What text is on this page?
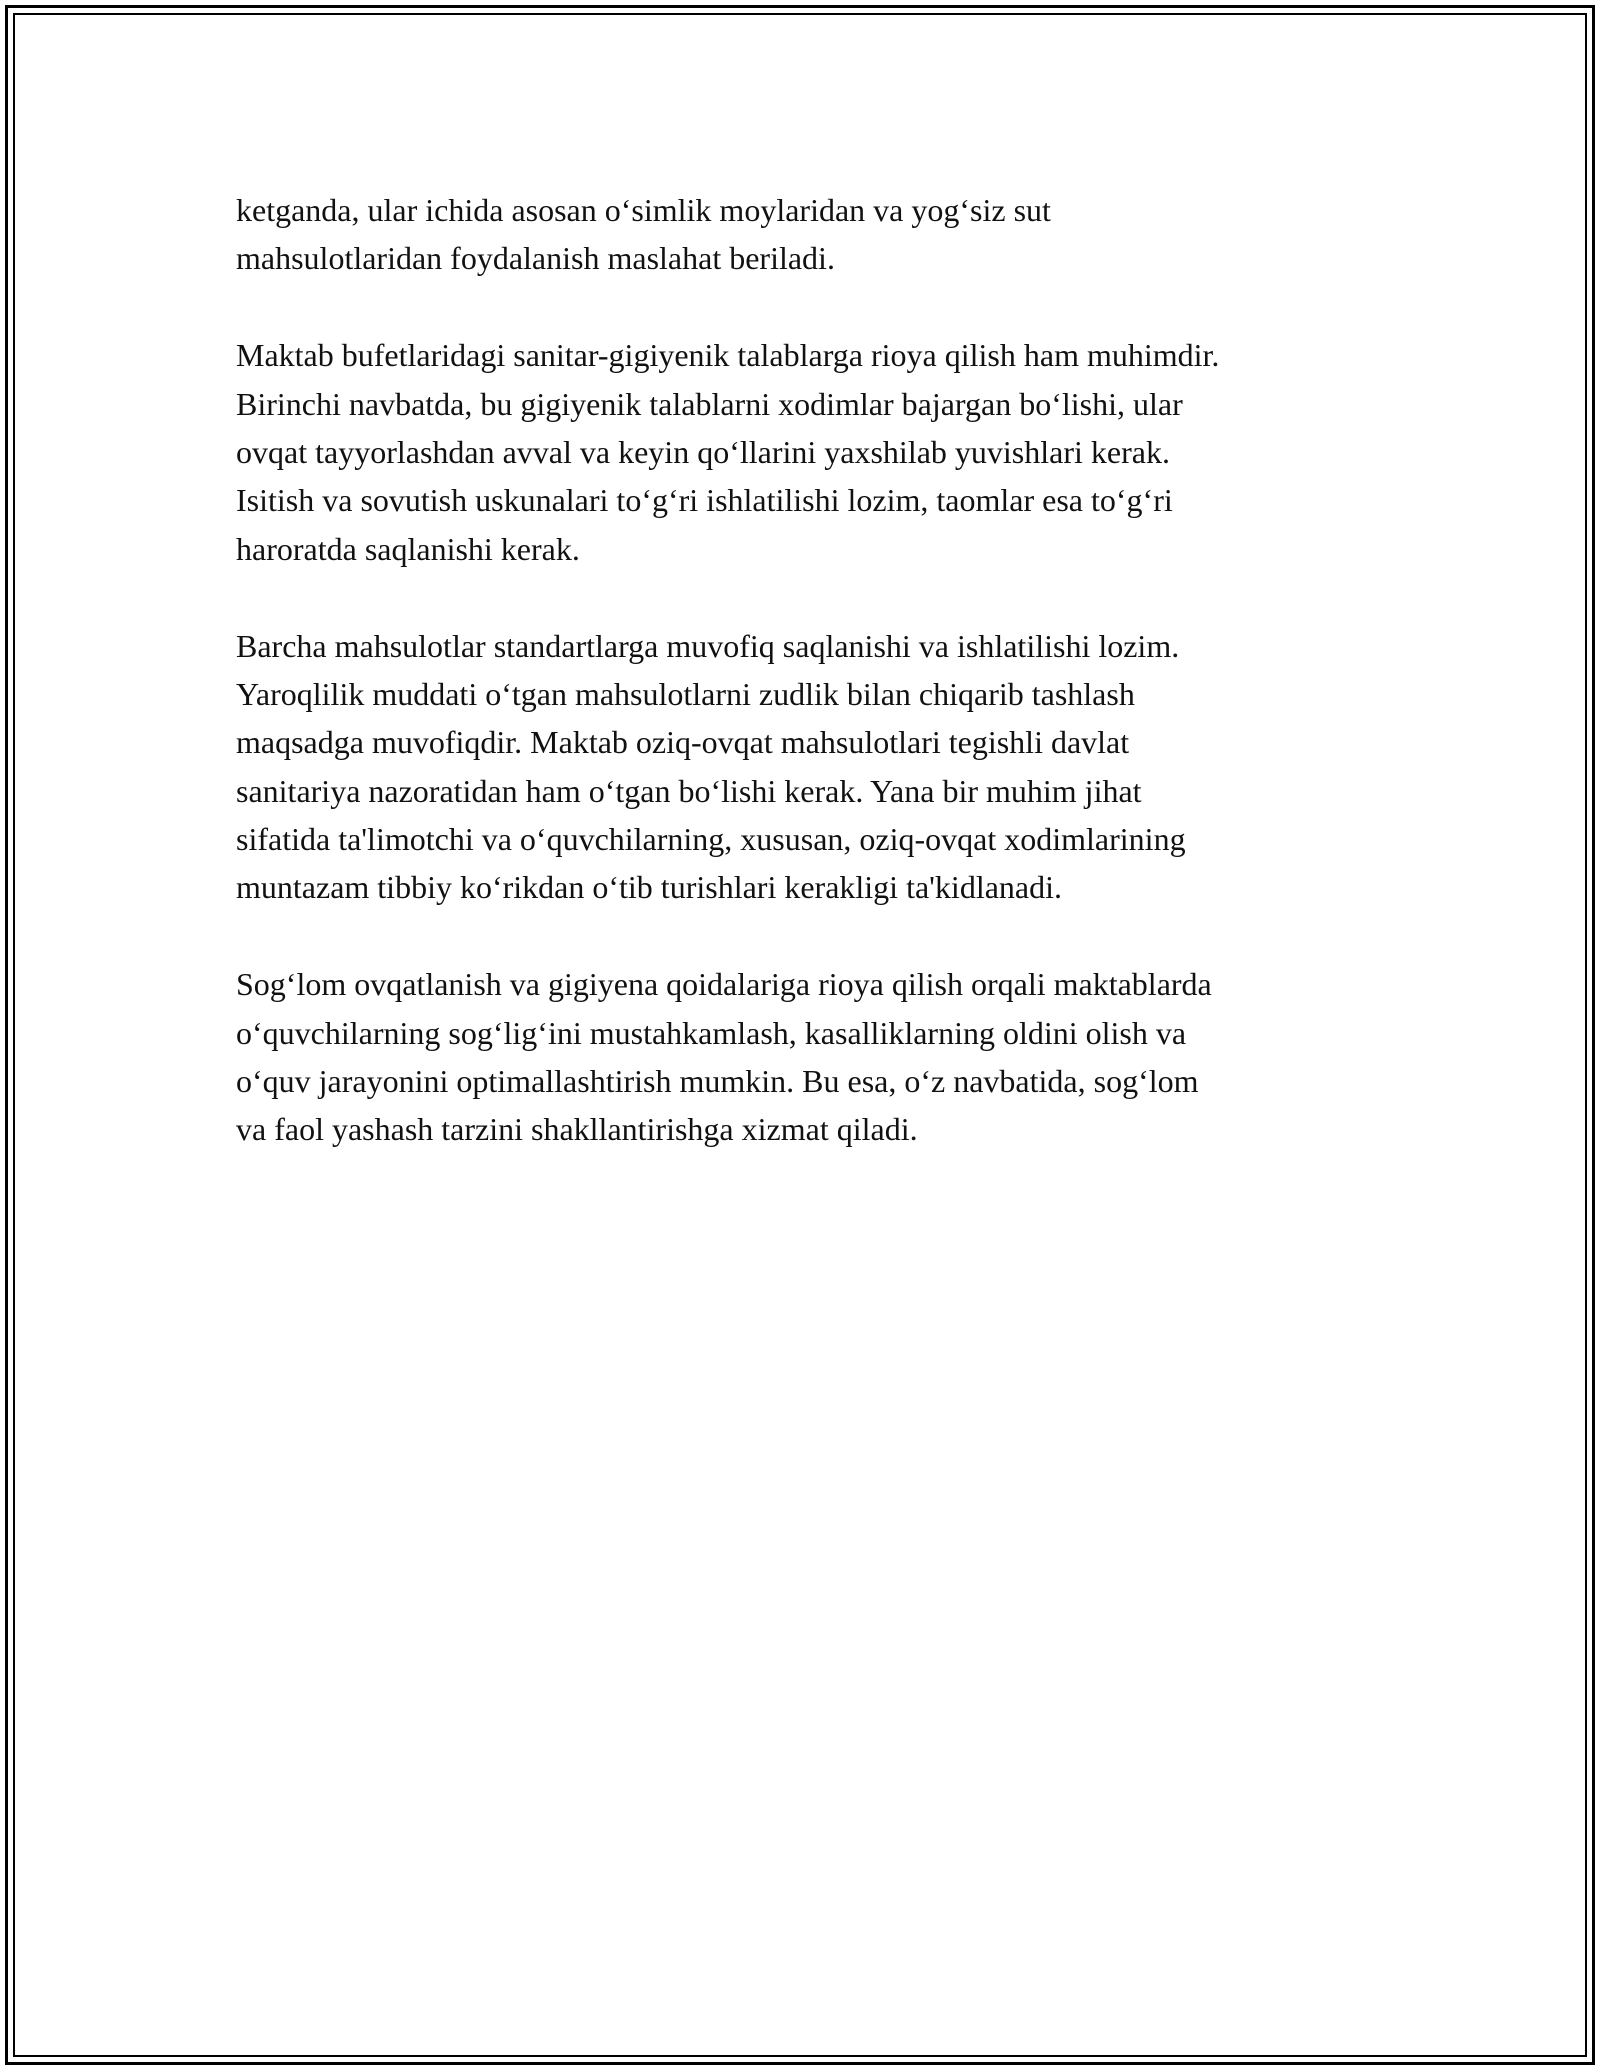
ketganda, ular ichida asosan o‘simlik moylaridan va yog‘siz sut
mahsulotlaridan foydalanish maslahat beriladi.
Maktab bufetlaridagi sanitar-gigiyenik talablarga rioya qilish ham muhimdir.
Birinchi navbatda, bu gigiyenik talablarni xodimlar bajargan bo‘lishi, ular
ovqat tayyorlashdan avval va keyin qo‘llarini yaxshilab yuvishlari kerak.
Isitish va sovutish uskunalari to‘g‘ri ishlatilishi lozim, taomlar esa to‘g‘ri
haroratda saqlanishi kerak.
Barcha mahsulotlar standartlarga muvofiq saqlanishi va ishlatilishi lozim.
Yaroqlilik muddati o‘tgan mahsulotlarni zudlik bilan chiqarib tashlash
maqsadga muvofiqdir. Maktab oziq-ovqat mahsulotlari tegishli davlat
sanitariya nazoratidan ham o‘tgan bo‘lishi kerak. Yana bir muhim jihat
sifatida ta'limotchi va o‘quvchilarning, xususan, oziq-ovqat xodimlarining
muntazam tibbiy ko‘rikdan o‘tib turishlari kerakligi ta'kidlanadi.
Sog‘lom ovqatlanish va gigiyena qoidalariga rioya qilish orqali maktablarda
o‘quvchilarning sog‘lig‘ini mustahkamlash, kasalliklarning oldini olish va
o‘quv jarayonini optimallashtirish mumkin. Bu esa, o‘z navbatida, sog‘lom
va faol yashash tarzini shakllantirishga xizmat qiladi.
